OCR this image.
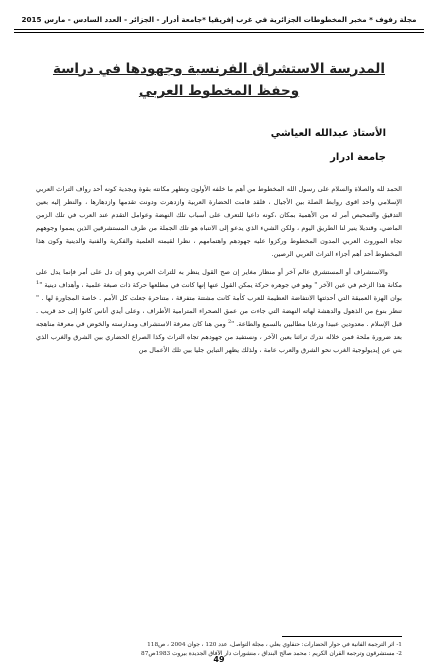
مجلة رفوف * مخبر المخطوطات الجزائرية في غرب إفريقيا *جامعة أدرار - الجزائر - العدد السادس - مارس 2015
المدرسة الاستشراق الفرنسية وجهودها في دراسة
وحفظ المخطوط العربي
الأستاذ عبدالله العياشي
جامعة ادرار

الحمد لله والصلاة والسلام على رسول الله المخطوط من أهم ما خلفه الأولون وتظهر مكانته بقوة وبجدية كونه أحد رواف التراث العربي الإسلامي واحد اقوى روابط الصلة بين الأجيال ، فلقد قامت الحضارة العربية وازدهرت ودونت تقدمها وازدهارها ، والنظر إليه بعين التدقيق والتمحيص أمر له من الأهمية بمكان ،كونه داعيا للتعرف على أسباب تلك النهضة وعوامل التقدم عند العرب في تلك الزمن الماضي، وقنديلا ينير لنا الطريق اليوم ، ولكن الشيء الذي يدعو إلى الانتباه هو تلك الجملة من طرف المستشرقين الذين يمموا وجوههم تجاه الموروث العربي المدون المخطوط وركزوا عليه جهودهم واهتمامهم ، نظرا لقيمته العلمية والفكرية والفنية والدينية وكون هذا المخطوط أحد أهم أجزاء التراث العربي الرصين.

والاستشراف أو المستشرق عالم آخر أو منظار مغاير إن صح القول ينظر به للتراث العربي وهو إن دل على أمر فإنما يدل على مكانة هذا الزخم في عين الآخر " وهو في جوهره حركة يمكن القول عنها إنها كانت في مطلعها حركة ذات صبغة علمية ، وأهداف دينية "$^1$ بوان الهزة العميقة التي أحدثتها الانتفاضة العظيمة للعرب كأمة كانت مشتتة متفرقة ، متناحرة جعلت كل الأمم . خاصة المجاورة لها . " تنظر بنوع من الذهول والدهشة لهاته النهضة التي جاءت من عمق الصحراء المترامية الأطراف ، وعلى أيدي أناس كانوا إلى حد قريب . قبل الإسلام . معدودين عبيدا ورعايا مطالبين بالسمع والطاعة. "$^2$ ومن هنا كان معرفة الاستشراف ومدارسته والخوض في معرفة مناهجه بعد ضرورة ملحة فمن خلاله ندرك تراثنا بعين الآخر ، ونستفيد من جهودهم تجاه التراث وكذا الصراع الحضاري بين الشرق والغرب الذي بني عن إيديولوجية الغرب نحو الشرق والعرب عامة ، ولذلك يظهر التباين جليا بين تلك الأعمال من

1- اثر الترجمة الفانية في حوار الحضارات: حنفاوي بعلي ، مجلة التواصل، عدد 120 ، جوان 2004 ، ص118
2- مستشرقون وترجمة القرآن الكريم : محمد صالح البنداق ، منشورات دار الآفاق الجديدة بيروت 1983ص87
49
